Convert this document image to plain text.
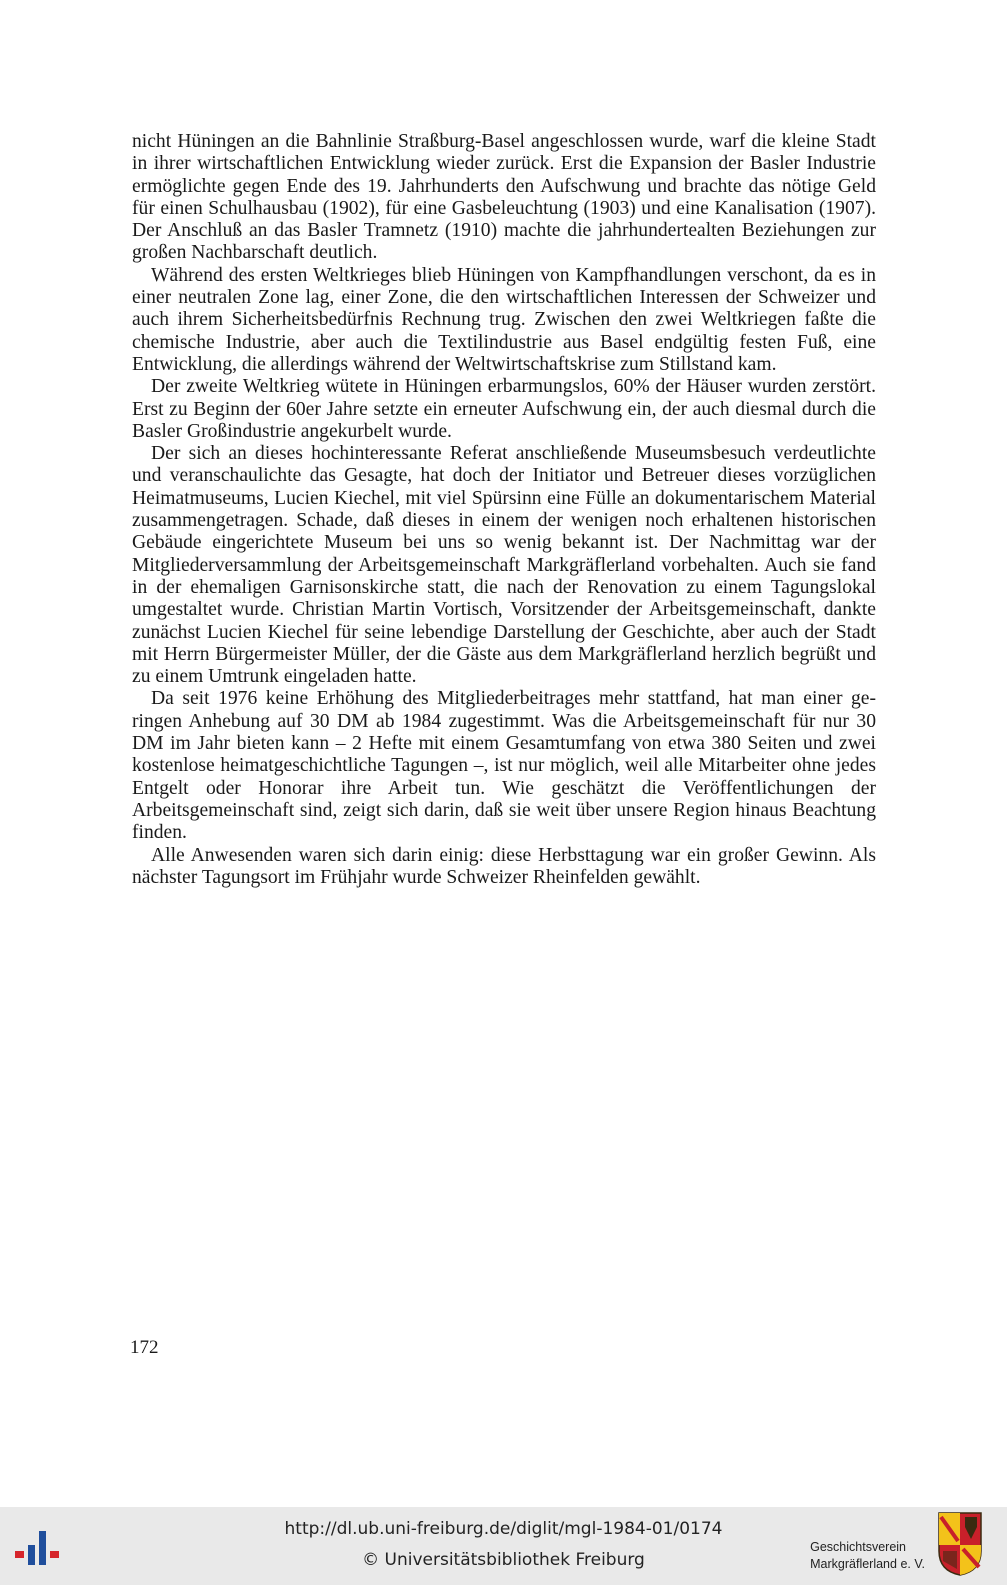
nicht Hüningen an die Bahnlinie Straßburg-Basel angeschlossen wurde, warf die kleine Stadt in ihrer wirtschaftlichen Entwicklung wieder zurück. Erst die Expansion der Basler Industrie ermöglichte gegen Ende des 19. Jahrhunderts den Aufschwung und brachte das nötige Geld für einen Schulhausbau (1902), für eine Gasbeleuchtung (1903) und eine Kanalisation (1907). Der Anschluß an das Basler Tramnetz (1910) machte die jahrhundertealten Beziehungen zur großen Nachbarschaft deutlich.

Während des ersten Weltkrieges blieb Hüningen von Kampfhandlungen verschont, da es in einer neutralen Zone lag, einer Zone, die den wirtschaftlichen Interessen der Schweizer und auch ihrem Sicherheitsbedürfnis Rechnung trug. Zwischen den zwei Weltkriegen faßte die chemische Industrie, aber auch die Textilindustrie aus Basel endgültig festen Fuß, eine Entwicklung, die allerdings während der Weltwirtschaftskrise zum Stillstand kam.

Der zweite Weltkrieg wütete in Hüningen erbarmungslos, 60% der Häuser wurden zerstört. Erst zu Beginn der 60er Jahre setzte ein erneuter Aufschwung ein, der auch diesmal durch die Basler Großindustrie angekurbelt wurde.

Der sich an dieses hochinteressante Referat anschließende Museumsbesuch verdeutlichte und veranschaulichte das Gesagte, hat doch der Initiator und Betreuer dieses vorzüglichen Heimatmuseums, Lucien Kiechel, mit viel Spürsinn eine Fülle an dokumentarischem Material zusammengetragen. Schade, daß dieses in einem der wenigen noch erhaltenen historischen Gebäude eingerichtete Museum bei uns so wenig bekannt ist. Der Nachmittag war der Mitgliederversammlung der Arbeitsgemeinschaft Markgräflerland vorbehalten. Auch sie fand in der ehemaligen Garnisonskirche statt, die nach der Renovation zu einem Tagungslokal umgestaltet wurde. Christian Martin Vortisch, Vorsitzender der Arbeitsgemeinschaft, dankte zunächst Lucien Kiechel für seine lebendige Darstellung der Geschichte, aber auch der Stadt mit Herrn Bürgermeister Müller, der die Gäste aus dem Markgräflerland herzlich begrüßt und zu einem Umtrunk eingeladen hatte.

Da seit 1976 keine Erhöhung des Mitgliederbeitrages mehr stattfand, hat man einer geringen Anhebung auf 30 DM ab 1984 zugestimmt. Was die Arbeitsgemeinschaft für nur 30 DM im Jahr bieten kann – 2 Hefte mit einem Gesamtumfang von etwa 380 Seiten und zwei kostenlose heimatgeschichtliche Tagungen –, ist nur möglich, weil alle Mitarbeiter ohne jedes Entgelt oder Honorar ihre Arbeit tun. Wie geschätzt die Veröffentlichungen der Arbeitsgemeinschaft sind, zeigt sich darin, daß sie weit über unsere Region hinaus Beachtung finden.

Alle Anwesenden waren sich darin einig: diese Herbsttagung war ein großer Gewinn. Als nächster Tagungsort im Frühjahr wurde Schweizer Rheinfelden gewählt.

172
http://dl.ub.uni-freiburg.de/diglit/mgl-1984-01/0174
© Universitätsbibliothek Freiburg
Geschichtsverein
Markgräflerland e. V.
